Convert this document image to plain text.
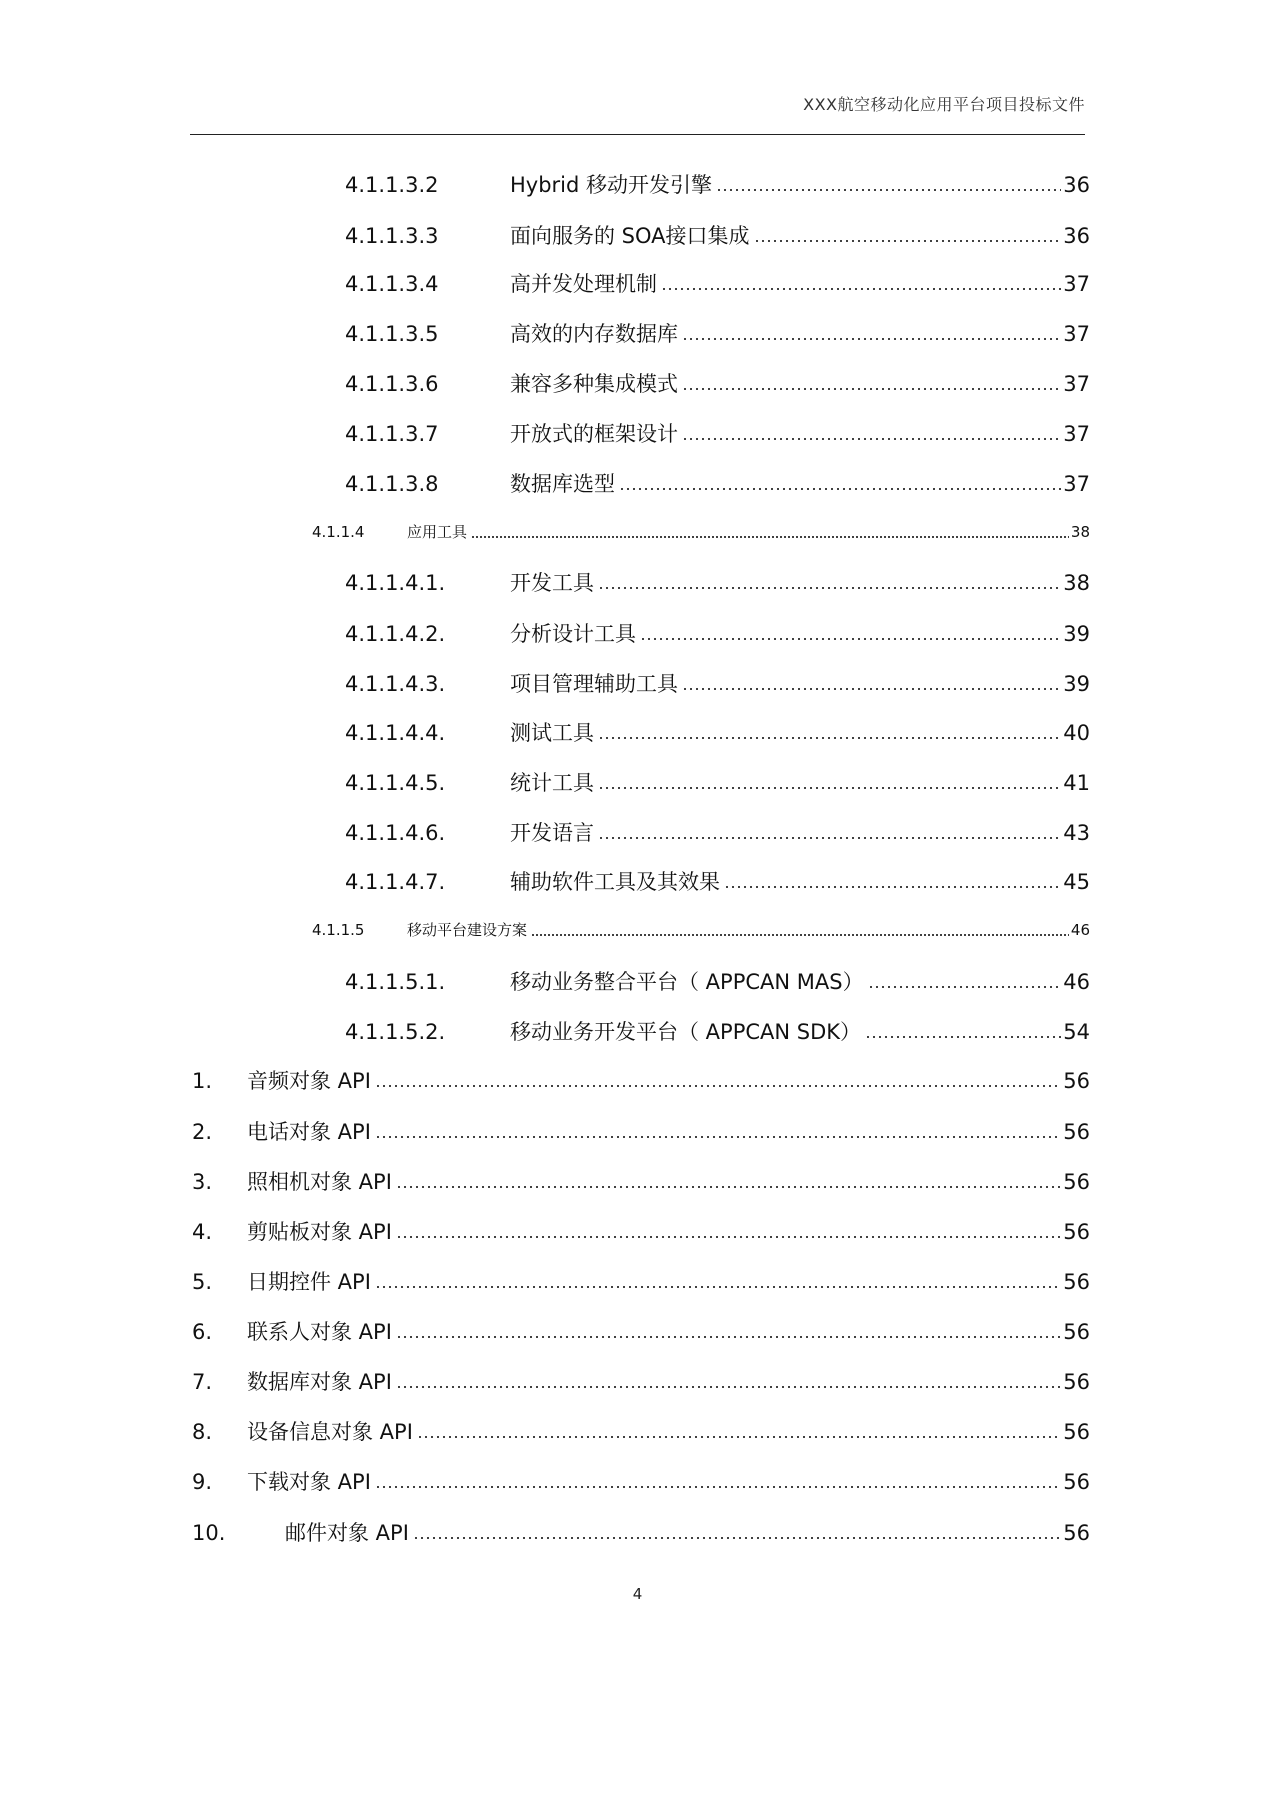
XXX航空移动化应用平台项目投标文件
4.1.1.3.2	Hybrid 移动开发引擎	36
4.1.1.3.3	面向服务的 SOA接口集成	36
4.1.1.3.4	高并发处理机制	37
4.1.1.3.5	高效的内存数据库	37
4.1.1.3.6	兼容多种集成模式	37
4.1.1.3.7	开放式的框架设计	37
4.1.1.3.8	数据库选型	37
4.1.1.4	应用工具	38
4.1.1.4.1.	开发工具	38
4.1.1.4.2.	分析设计工具	39
4.1.1.4.3.	项目管理辅助工具	39
4.1.1.4.4.	测试工具	40
4.1.1.4.5.	统计工具	41
4.1.1.4.6.	开发语言	43
4.1.1.4.7.	辅助软件工具及其效果	45
4.1.1.5	移动平台建设方案	46
4.1.1.5.1.	移动业务整合平台（ APPCAN MAS）	46
4.1.1.5.2.	移动业务开发平台（ APPCAN SDK）	54
1.	音频对象 API	56
2.	电话对象 API	56
3.	照相机对象 API	56
4.	剪贴板对象 API	56
5.	日期控件 API	56
6.	联系人对象 API	56
7.	数据库对象 API	56
8.	设备信息对象 API	56
9.	下载对象 API	56
10.	邮件对象 API	56
4
